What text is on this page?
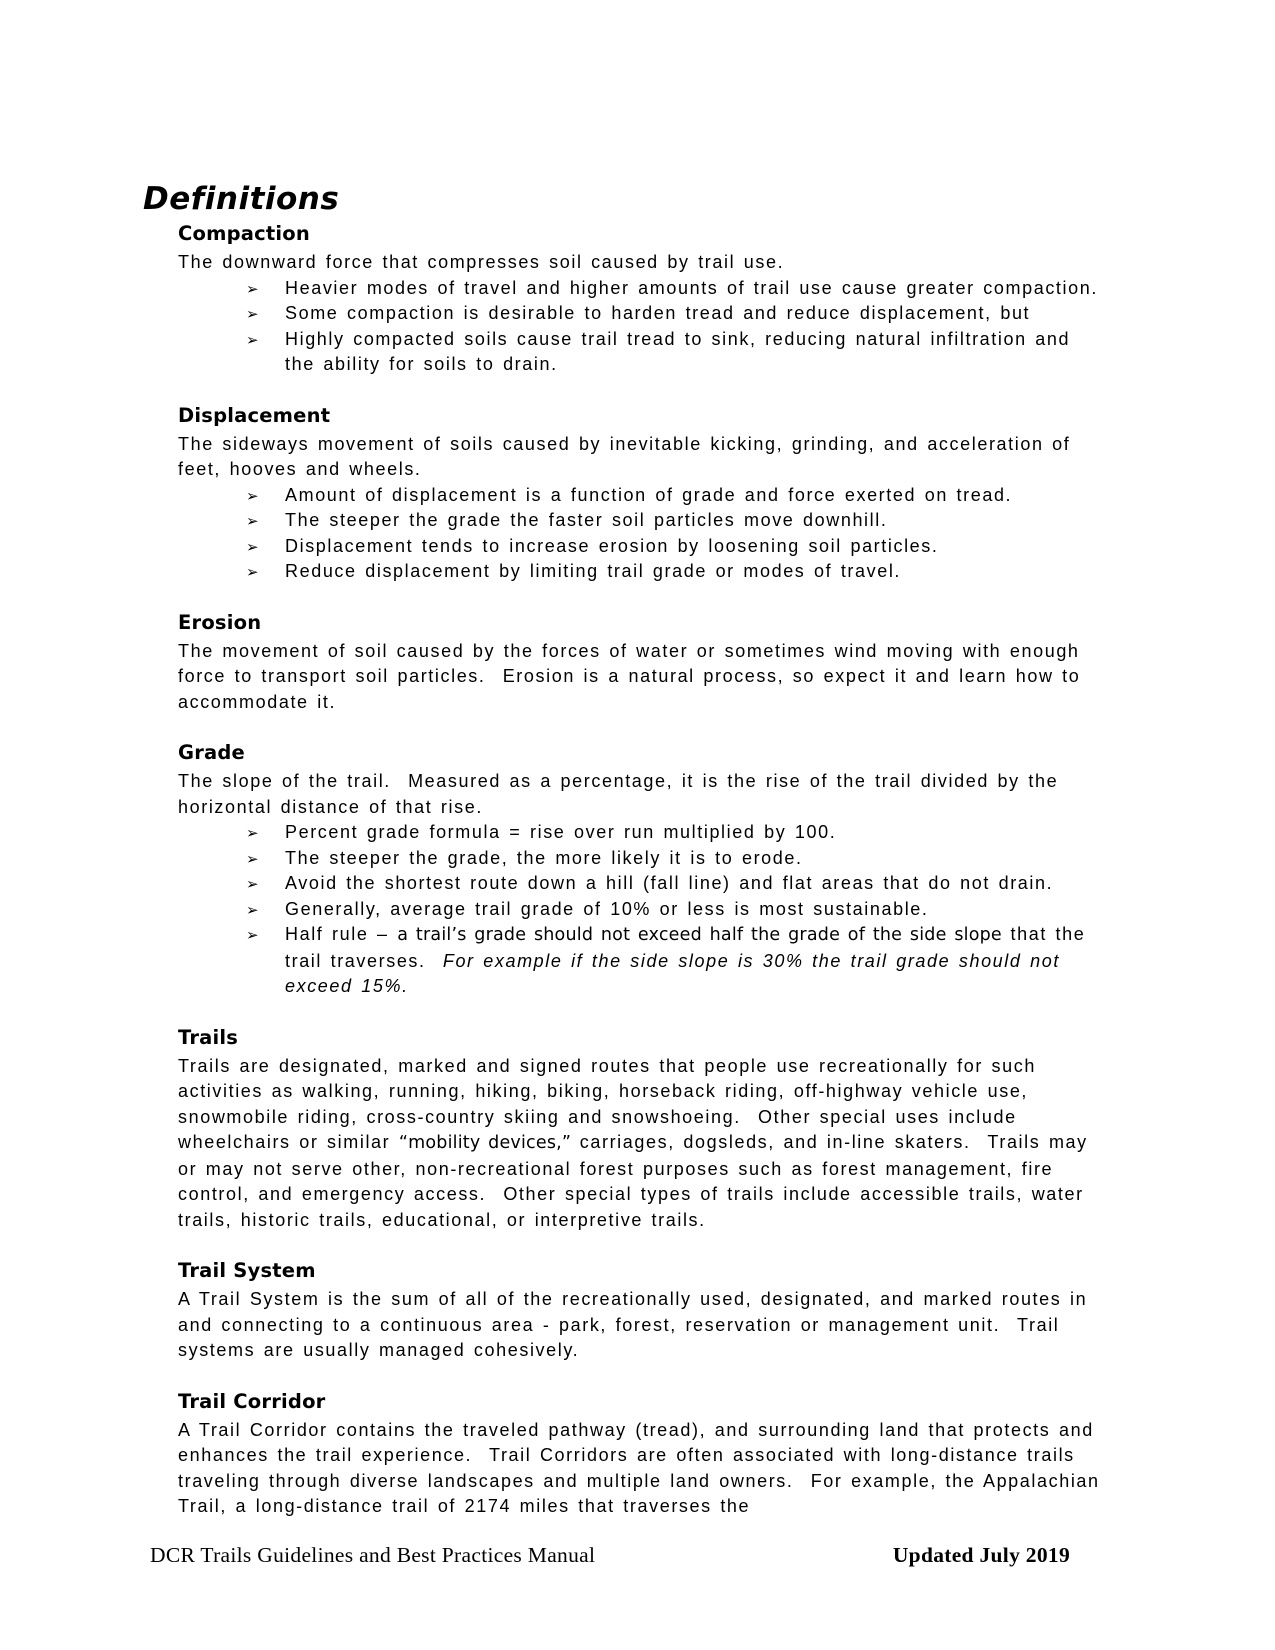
Definitions
Compaction

The downward force that compresses soil caused by trail use.

➢ Heavier modes of travel and higher amounts of trail use cause greater compaction.
➢ Some compaction is desirable to harden tread and reduce displacement, but
➢ Highly compacted soils cause trail tread to sink, reducing natural infiltration and the ability for soils to drain.
Displacement

The sideways movement of soils caused by inevitable kicking, grinding, and acceleration of feet, hooves and wheels.

➢ Amount of displacement is a function of grade and force exerted on tread.
➢ The steeper the grade the faster soil particles move downhill.
➢ Displacement tends to increase erosion by loosening soil particles.
➢ Reduce displacement by limiting trail grade or modes of travel.
Erosion

The movement of soil caused by the forces of water or sometimes wind moving with enough force to transport soil particles.  Erosion is a natural process, so expect it and learn how to accommodate it.

Grade

The slope of the trail.  Measured as a percentage, it is the rise of the trail divided by the horizontal distance of that rise.

➢ Percent grade formula = rise over run multiplied by 100.
➢ The steeper the grade, the more likely it is to erode.
➢ Avoid the shortest route down a hill (fall line) and flat areas that do not drain.
➢ Generally, average trail grade of 10% or less is most sustainable.
➢ Half rule – a trail’s grade should not exceed half the grade of the side slope that the trail traverses.  For example if the side slope is 30% the trail grade should not exceed 15%.
Trails

Trails are designated, marked and signed routes that people use recreationally for such activities as walking, running, hiking, biking, horseback riding, off-highway vehicle use, snowmobile riding, cross-country skiing and snowshoeing.  Other special uses include wheelchairs or similar “mobility devices,” carriages, dogsleds, and in-line skaters.  Trails may or may not serve other, non-recreational forest purposes such as forest management, fire control, and emergency access.  Other special types of trails include accessible trails, water trails, historic trails, educational, or interpretive trails.

Trail System

A Trail System is the sum of all of the recreationally used, designated, and marked routes in and connecting to a continuous area - park, forest, reservation or management unit.  Trail systems are usually managed cohesively.

Trail Corridor

A Trail Corridor contains the traveled pathway (tread), and surrounding land that protects and enhances the trail experience.  Trail Corridors are often associated with long-distance trails traveling through diverse landscapes and multiple land owners.  For example, the Appalachian Trail, a long-distance trail of 2174 miles that traverses the

DCR Trails Guidelines and Best Practices Manual	Updated July 2019
